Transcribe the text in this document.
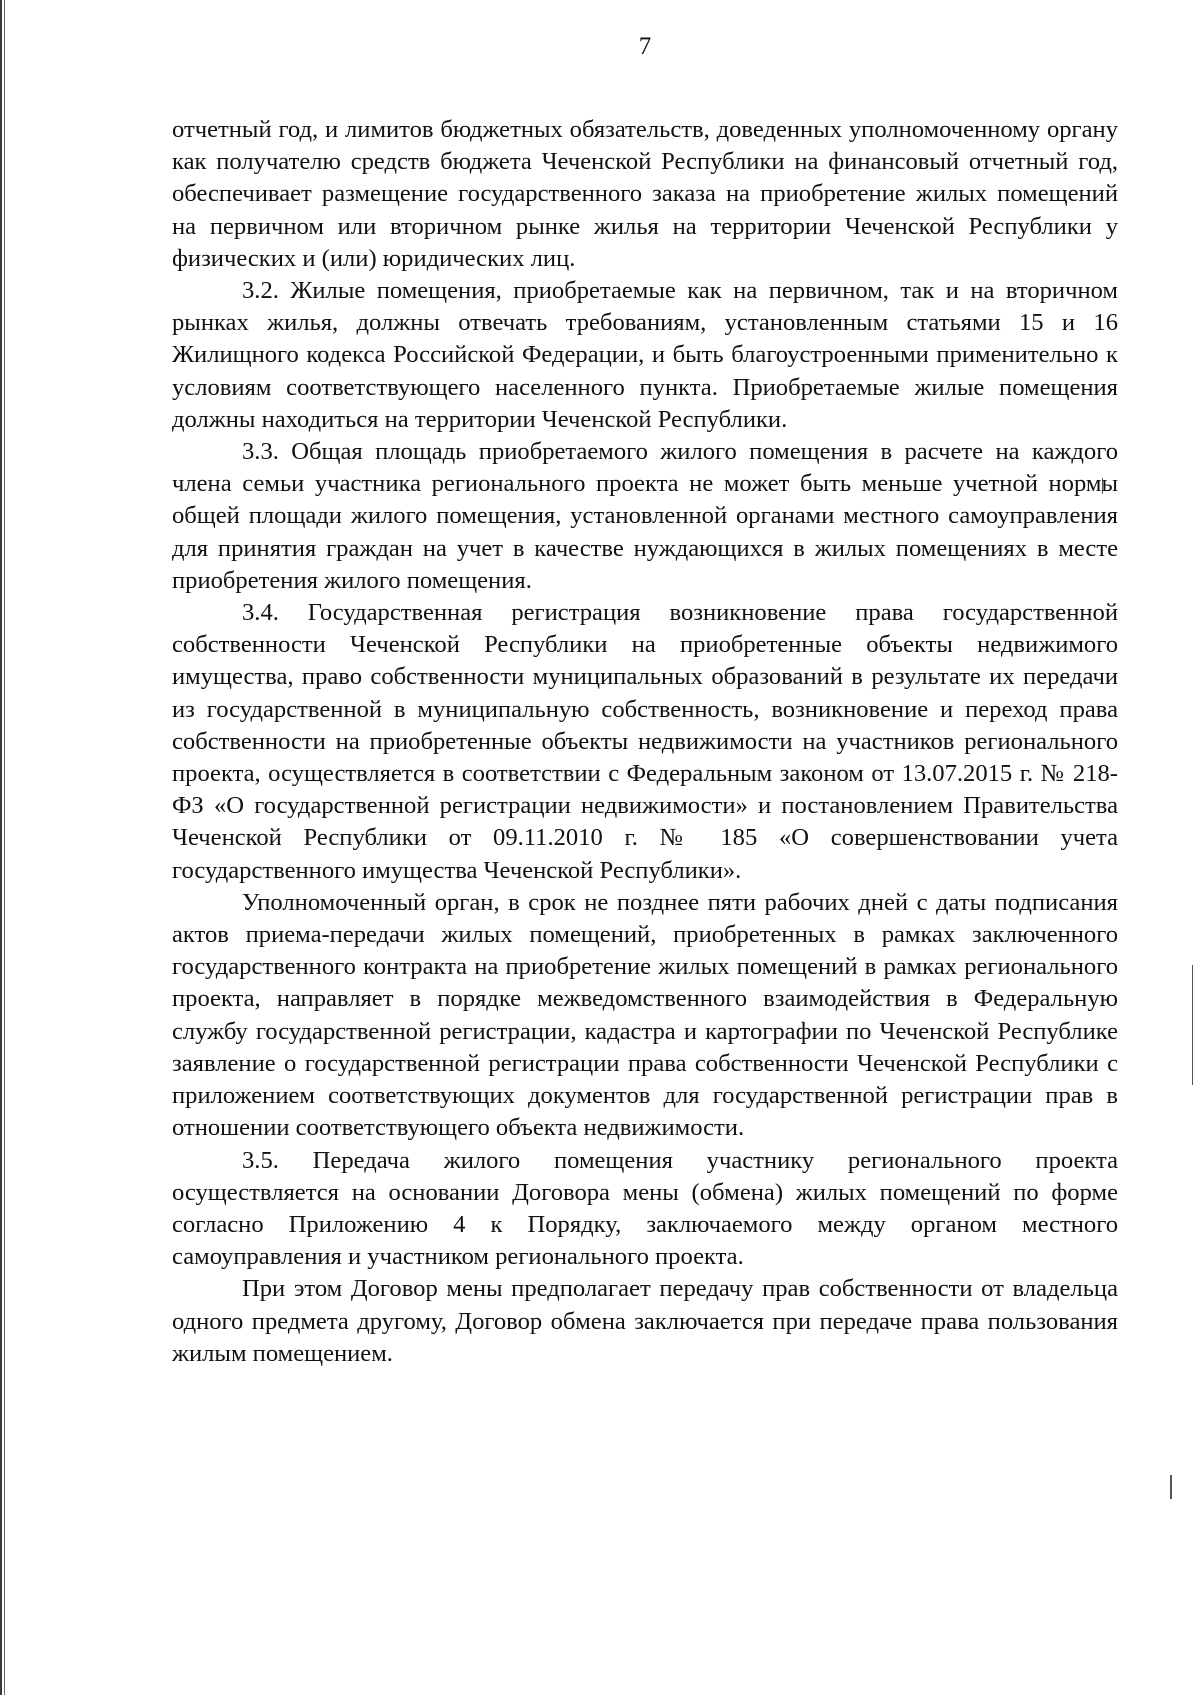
7

отчетный год, и лимитов бюджетных обязательств, доведенных уполномоченному органу как получателю средств бюджета Чеченской Республики на финансовый отчетный год, обеспечивает размещение государственного заказа на приобретение жилых помещений на первичном или вторичном рынке жилья на территории Чеченской Республики у физических и (или) юридических лиц.

3.2. Жилые помещения, приобретаемые как на первичном, так и на вторичном рынках жилья, должны отвечать требованиям, установленным статьями 15 и 16 Жилищного кодекса Российской Федерации, и быть благоустроенными применительно к условиям соответствующего населенного пункта. Приобретаемые жилые помещения должны находиться на территории Чеченской Республики.

3.3. Общая площадь приобретаемого жилого помещения в расчете на каждого члена семьи участника регионального проекта не может быть меньше учетной нормы общей площади жилого помещения, установленной органами местного самоуправления для принятия граждан на учет в качестве нуждающихся в жилых помещениях в месте приобретения жилого помещения.

3.4. Государственная регистрация возникновение права государственной собственности Чеченской Республики на приобретенные объекты недвижимого имущества, право собственности муниципальных образований в результате их передачи из государственной в муниципальную собственность, возникновение и переход права собственности на приобретенные объекты недвижимости на участников регионального проекта, осуществляется в соответствии с Федеральным законом от 13.07.2015 г. № 218-ФЗ «О государственной регистрации недвижимости» и постановлением Правительства Чеченской Республики от 09.11.2010 г. № 185 «О совершенствовании учета государственного имущества Чеченской Республики».

Уполномоченный орган, в срок не позднее пяти рабочих дней с даты подписания актов приема-передачи жилых помещений, приобретенных в рамках заключенного государственного контракта на приобретение жилых помещений в рамках регионального проекта, направляет в порядке межведомственного взаимодействия в Федеральную службу государственной регистрации, кадастра и картографии по Чеченской Республике заявление о государственной регистрации права собственности Чеченской Республики с приложением соответствующих документов для государственной регистрации прав в отношении соответствующего объекта недвижимости.

3.5. Передача жилого помещения участнику регионального проекта осуществляется на основании Договора мены (обмена) жилых помещений по форме согласно Приложению 4 к Порядку, заключаемого между органом местного самоуправления и участником регионального проекта.

При этом Договор мены предполагает передачу прав собственности от владельца одного предмета другому, Договор обмена заключается при передаче права пользования жилым помещением.
